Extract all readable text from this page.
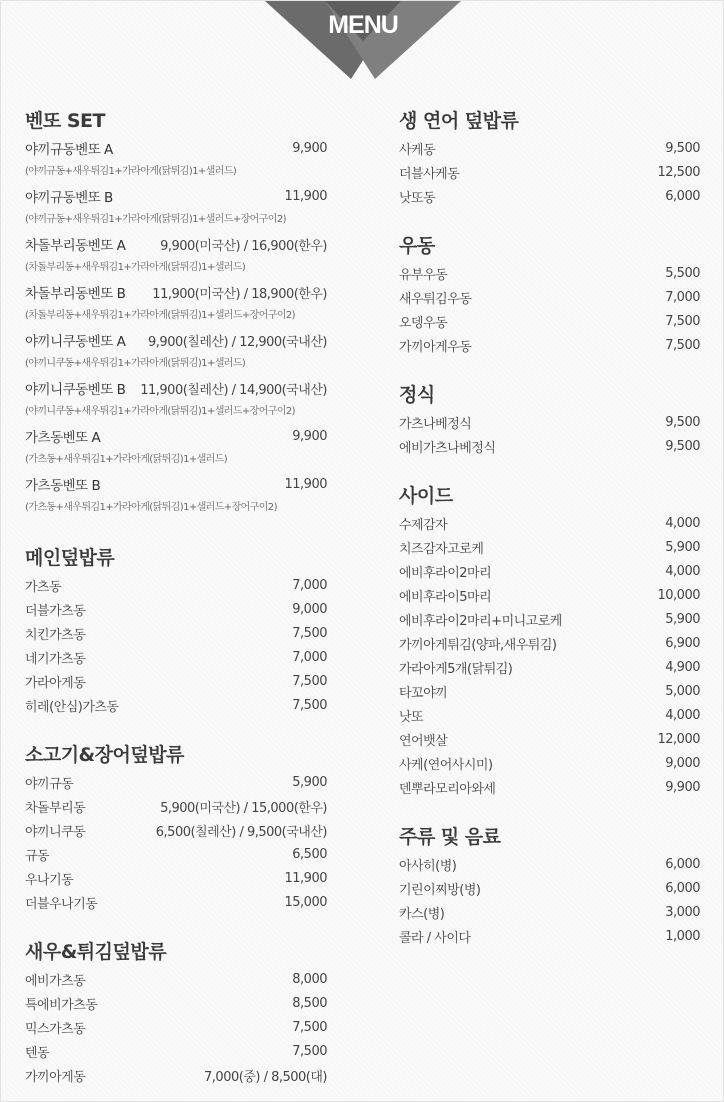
MENU
벤또 SET
야끼규동벤또 A	9,900
(야끼규동+새우튀김1+가라아게(닭튀김)1+샐러드)
야끼규동벤또 B	11,900
(야끼규동+새우튀김1+가라아게(닭튀김)1+샐러드+장어구이2)
차돌부리동벤또 A	9,900(미국산) / 16,900(한우)
(차돌부리동+새우튀김1+가라아게(닭튀김)1+샐러드)
차돌부리동벤또 B 11,900(미국산) / 18,900(한우)
(차돌부리동+새우튀김1+가라아게(닭튀김)1+샐러드+장어구이2)
야끼니쿠동벤또 A 9,900(칠레산) / 12,900(국내산)
(야끼니쿠동+새우튀김1+가라아게(닭튀김)1+샐러드)
야끼니쿠동벤또 B 11,900(칠레산) / 14,900(국내산)
(야끼니쿠동+새우튀김1+가라아게(닭튀김)1+샐러드+장어구이2)
가츠동벤또 A	9,900
(가츠동+새우튀김1+가라아게(닭튀김)1+샐러드)
가츠동벤또 B	11,900
(가츠동+새우튀김1+가라아게(닭튀김)1+샐러드+장어구이2)
메인덮밥류
가츠동	7,000
더블가츠동	9,000
치킨가츠동	7,500
네기가츠동	7,000
가라아게동	7,500
히레(안심)가츠동	7,500
소고기&장어덮밥류
야끼규동	5,900
차돌부리동	5,900(미국산) / 15,000(한우)
야끼니쿠동	6,500(칠레산) / 9,500(국내산)
규동	6,500
우나기동	11,900
더블우나기동	15,000
새우&튀김덮밥류
에비가츠동	8,000
특에비가츠동	8,500
믹스가츠동	7,500
텐동	7,500
가끼아게동	7,000(중) / 8,500(대)
생 연어 덮밥류
사케동	9,500
더블사케동	12,500
낫또동	6,000
우동
유부우동	5,500
새우튀김우동	7,000
오뎅우동	7,500
가끼아게우동	7,500
정식
가츠나베정식	9,500
에비가츠나베정식	9,500
사이드
수제감자	4,000
치즈감자고로케	5,900
에비후라이2마리	4,000
에비후라이5마리	10,000
에비후라이2마리+미니고로케	5,900
가끼아게튀김(양파,새우튀김)	6,900
가라아게5개(닭튀김)	4,900
타꼬야끼	5,000
낫또	4,000
연어뱃살	12,000
사케(연어사시미)	9,000
덴뿌라모리아와세	9,900
주류 및 음료
아사히(병)	6,000
기린이찌방(병)	6,000
카스(병)	3,000
콜라 / 사이다	1,000
